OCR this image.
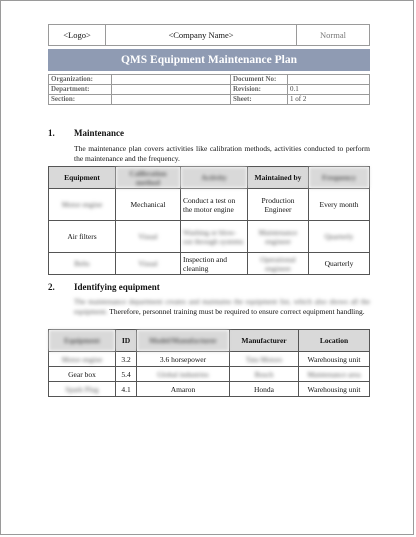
<Logo>	<Company Name>	Normal
QMS Equipment Maintenance Plan
Organization:		Document No:	
Department:		Revision:	0.1
Section:		Sheet:	1 of 2
1. Maintenance
The maintenance plan covers activities like calibration methods, activities conducted to perform the maintenance and the frequency.
Equipment	Calibration method	Activity	Maintained by	Frequency
Motor engine	Mechanical	Conduct a test on the motor engine	Production Engineer	Every month
Air filters	Visual	Washing or blow-out through systems	Maintenance engineer	Quarterly
Belts	Visual	Inspection and cleaning	Operational engineer	Quarterly
2. Identifying equipment
The maintenance department creates and maintains the equipment list, which also shows all the equipment. Therefore, personnel training must be required to ensure correct equipment handling.
Equipment	ID	Model/Manufacturer	Manufacturer	Location
Motor engine	3.2	3.6 horsepower	Tata Motors	Warehousing unit
Gear box	5.4	Global industries	Bosch	Maintenance area
Spark Plug	4.1	Amaron	Honda	Warehousing unit
